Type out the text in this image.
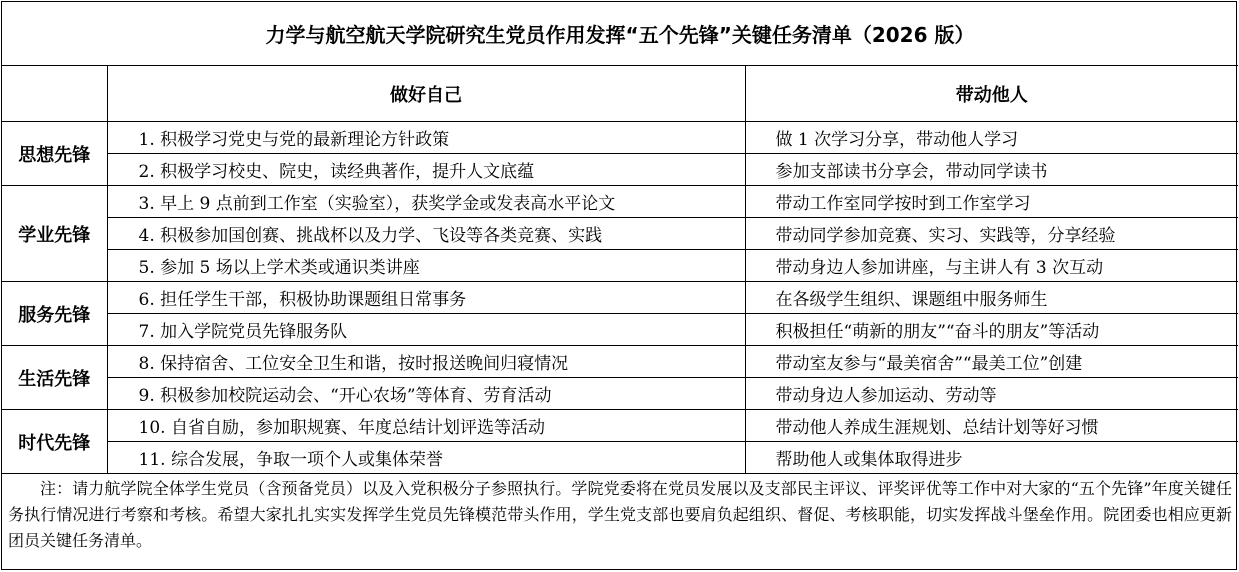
力学与航空航天学院研究生党员作用发挥“五个先锋”关键任务清单（2026 版）		
	做好自己	带动他人
思想先锋	1. 积极学习党史与党的最新理论方针政策	做 1 次学习分享，带动他人学习
	2. 积极学习校史、院史，读经典著作，提升人文底蕴	参加支部读书分享会，带动同学读书
学业先锋	3. 早上 9 点前到工作室（实验室），获奖学金或发表高水平论文	带动工作室同学按时到工作室学习
	4. 积极参加国创赛、挑战杯以及力学、飞设等各类竞赛、实践	带动同学参加竞赛、实习、实践等，分享经验
	5. 参加 5 场以上学术类或通识类讲座	带动身边人参加讲座，与主讲人有 3 次互动
服务先锋	6. 担任学生干部，积极协助课题组日常事务	在各级学生组织、课题组中服务师生
	7. 加入学院党员先锋服务队	积极担任“萌新的朋友”“奋斗的朋友”等活动
生活先锋	8. 保持宿舍、工位安全卫生和谐，按时报送晚间归寝情况	带动室友参与“最美宿舍”“最美工位”创建
	9. 积极参加校院运动会、“开心农场”等体育、劳育活动	带动身边人参加运动、劳动等
时代先锋	10. 自省自励，参加职规赛、年度总结计划评选等活动	带动他人养成生涯规划、总结计划等好习惯
	11. 综合发展，争取一项个人或集体荣誉	帮助他人或集体取得进步
注：请力航学院全体学生党员（含预备党员）以及入党积极分子参照执行。学院党委将在党员发展以及支部民主评议、评奖评优等工作中对大家的“五个先锋”年度关键任务执行情况进行考察和考核。希望大家扎扎实实发挥学生党员先锋模范带头作用，学生党支部也要肩负起组织、督促、考核职能，切实发挥战斗堡垒作用。院团委也相应更新团员关键任务清单。		
